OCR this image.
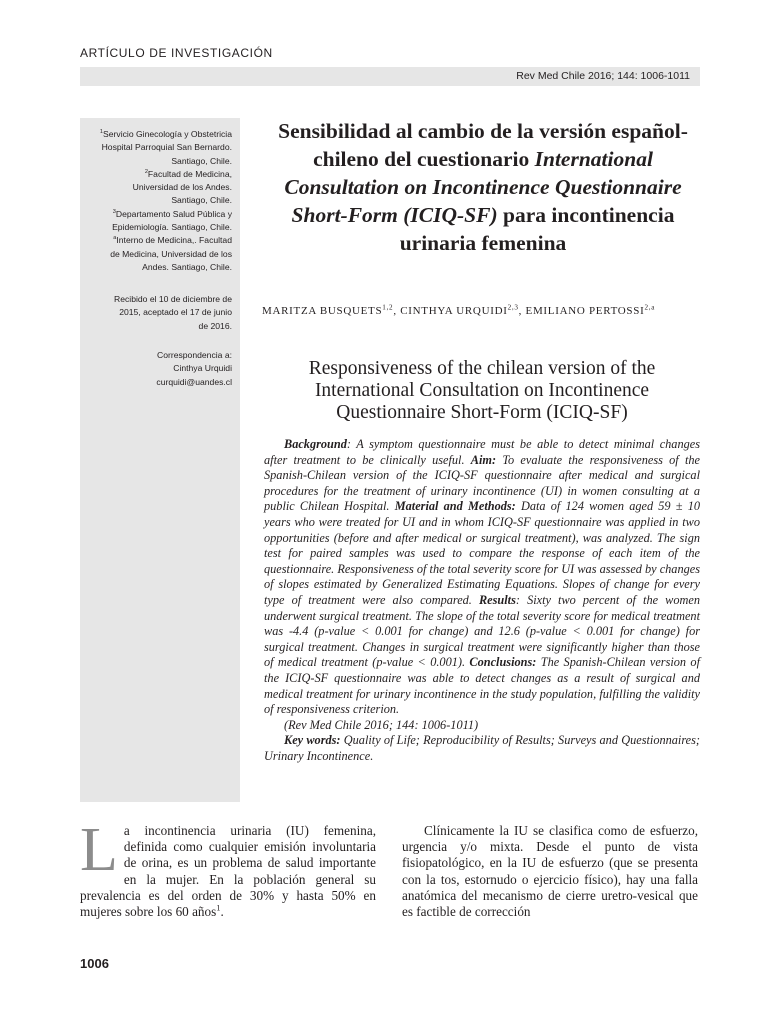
ARTÍCULO DE INVESTIGACIÓN
Rev Med Chile 2016; 144: 1006-1011
$^1$Servicio Ginecología y Obstetricia
Hospital Parroquial San Bernardo.
Santiago, Chile.
$^2$Facultad de Medicina,
Universidad de los Andes.
Santiago, Chile.
$^3$Departamento Salud Pública y
Epidemiología. Santiago, Chile.
$^a$Interno de Medicina,. Facultad
de Medicina, Universidad de los
Andes. Santiago, Chile.
Recibido el 10 de diciembre de
2015, aceptado el 17 de junio
de 2016.
Correspondencia a:
Cinthya Urquidi
curquidi@uandes.cl
Sensibilidad al cambio de la versión español-chileno del cuestionario International Consultation on Incontinence Questionnaire Short-Form (ICIQ-SF) para incontinencia urinaria femenina
MARITZA BUSQUETS$^{1,2}$, CINTHYA URQUIDI$^{2,3}$, EMILIANO PERTOSSI$^{2,a}$
Responsiveness of the chilean version of the International Consultation on Incontinence Questionnaire Short-Form (ICIQ-SF)
Background: A symptom questionnaire must be able to detect minimal changes after treatment to be clinically useful. Aim: To evaluate the responsiveness of the Spanish-Chilean version of the ICIQ-SF questionnaire after medical and surgical procedures for the treatment of urinary incontinence (UI) in women consulting at a public Chilean Hospital. Material and Methods: Data of 124 women aged 59 ± 10 years who were treated for UI and in whom ICIQ-SF questionnaire was applied in two opportunities (before and after medical or surgical treatment), was analyzed. The sign test for paired samples was used to compare the response of each item of the questionnaire. Responsiveness of the total severity score for UI was assessed by changes of slopes estimated by Generalized Estimating Equations. Slopes of change for every type of treatment were also compared. Results: Sixty two percent of the women underwent surgical treatment. The slope of the total severity score for medical treatment was -4.4 (p-value < 0.001 for change) and 12.6 (p-value < 0.001 for change) for surgical treatment. Changes in surgical treatment were significantly higher than those of medical treatment (p-value < 0.001). Conclusions: The Spanish-Chilean version of the ICIQ-SF questionnaire was able to detect changes as a result of surgical and medical treatment for urinary incontinence in the study population, fulfilling the validity of responsiveness criterion.
(Rev Med Chile 2016; 144: 1006-1011)
Key words: Quality of Life; Reproducibility of Results; Surveys and Questionnaires; Urinary Incontinence.
La incontinencia urinaria (IU) femenina, definida como cualquier emisión involuntaria de orina, es un problema de salud importante en la mujer. En la población general su prevalencia es del orden de 30% y hasta 50% en mujeres sobre los 60 años$^1$.
Clínicamente la IU se clasifica como de esfuerzo, urgencia y/o mixta. Desde el punto de vista fisiopatológico, en la IU de esfuerzo (que se presenta con la tos, estornudo o ejercicio físico), hay una falla anatómica del mecanismo de cierre uretro-vesical que es factible de corrección
1006
